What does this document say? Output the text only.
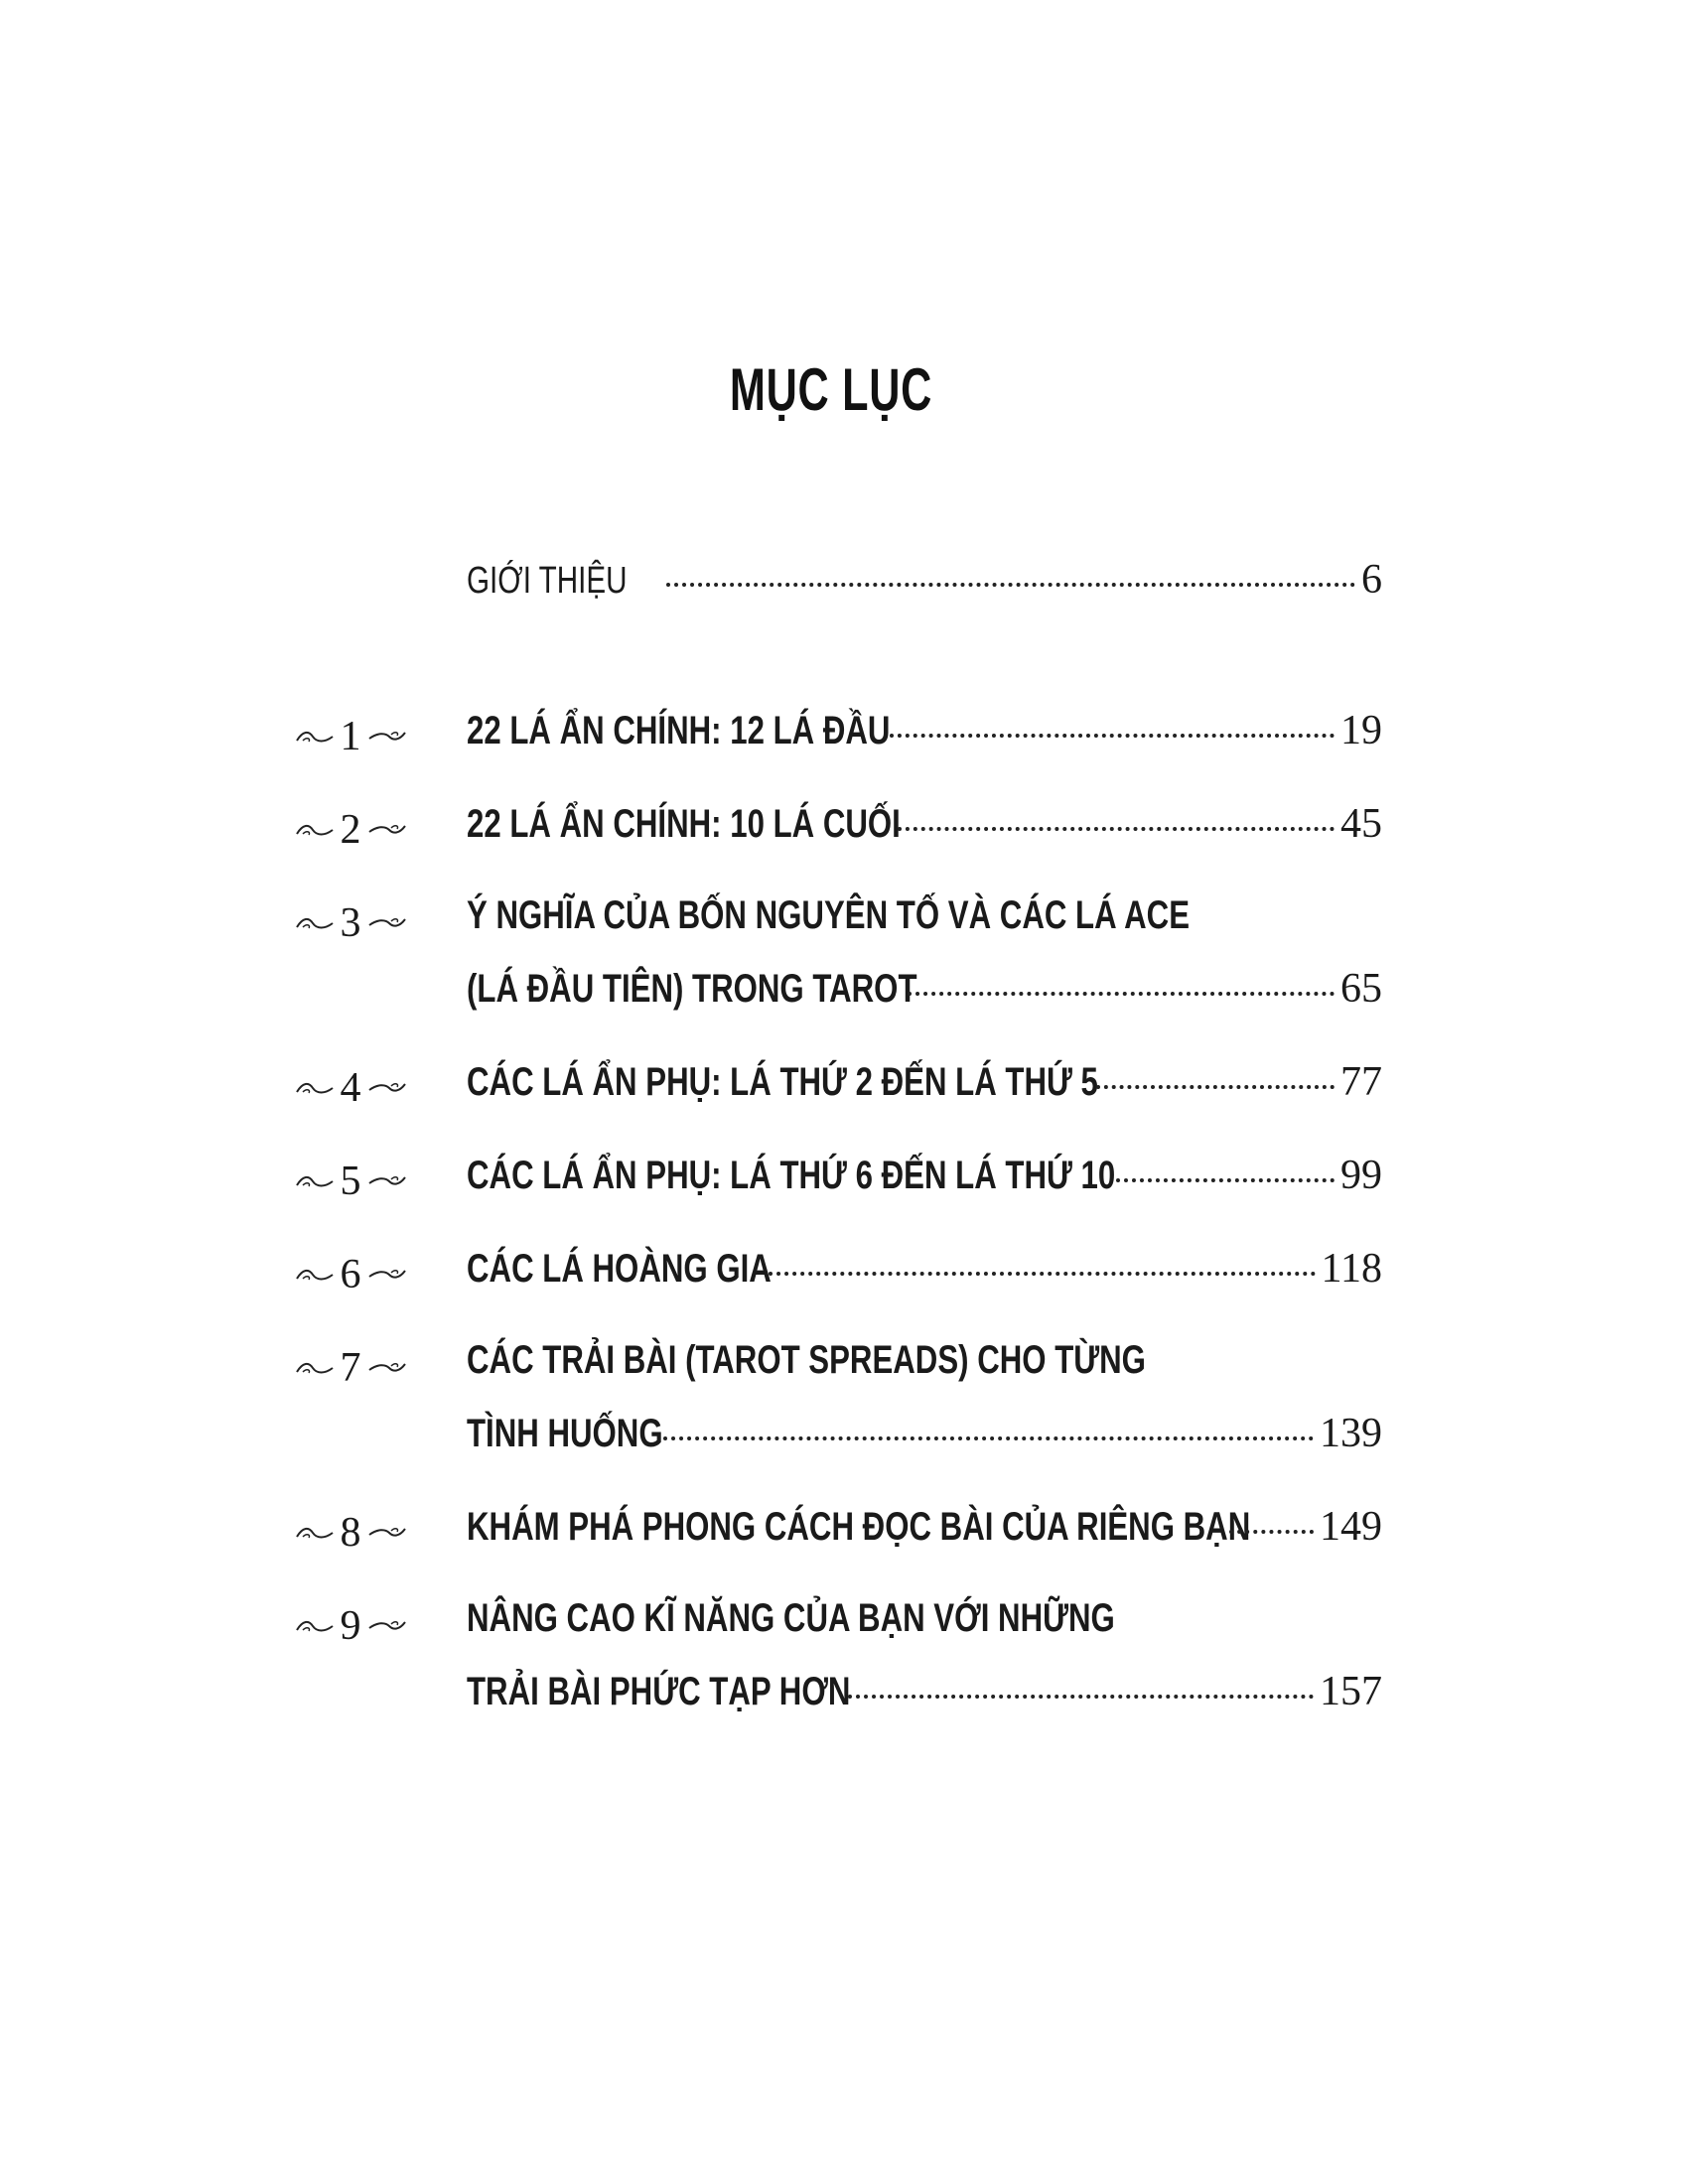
MỤC LỤC
GIỚI THIỆU	6
1	22 LÁ ẨN CHÍNH: 12 LÁ ĐẦU	19
2	22 LÁ ẨN CHÍNH: 10 LÁ CUỐI	45
3	Ý NGHĨA CỦA BỐN NGUYÊN TỐ VÀ CÁC LÁ ACE
(LÁ ĐẦU TIÊN) TRONG TAROT	65
4	CÁC LÁ ẨN PHỤ: LÁ THỨ 2 ĐẾN LÁ THỨ 5	77
5	CÁC LÁ ẨN PHỤ: LÁ THỨ 6 ĐẾN LÁ THỨ 10	99
6	CÁC LÁ HOÀNG GIA	118
7	CÁC TRẢI BÀI (TAROT SPREADS) CHO TỪNG
TÌNH HUỐNG	139
8	KHÁM PHÁ PHONG CÁCH ĐỌC BÀI CỦA RIÊNG BẠN 149
9	NÂNG CAO KĨ NĂNG CỦA BẠN VỚI NHỮNG
TRẢI BÀI PHỨC TẠP HƠN	157
